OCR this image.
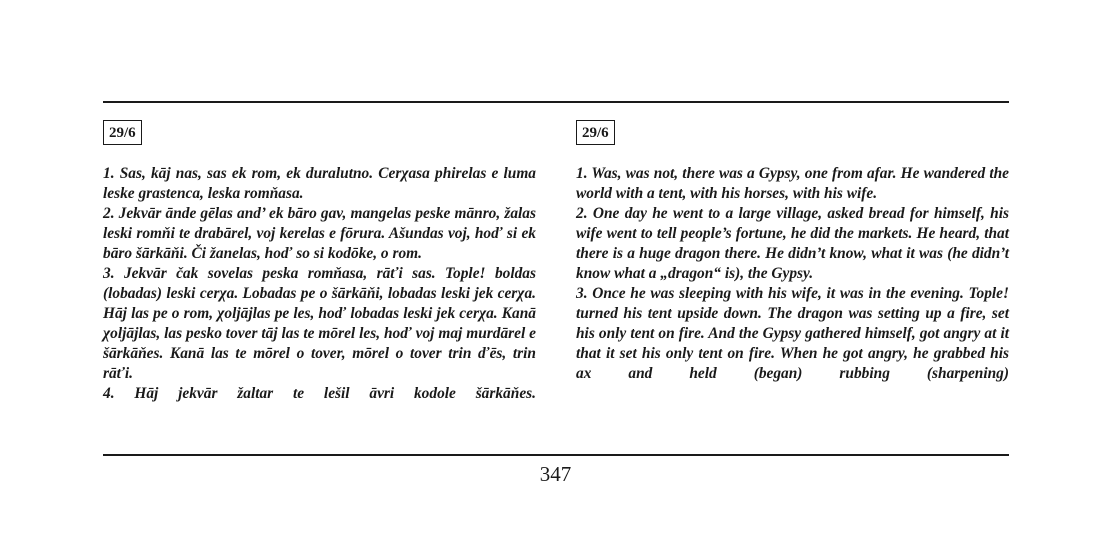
29/6

1. Sas, kāj nas, sas ek rom, ek duralutno. Cerχasa phirelas e luma leske grastenca, leska romňasa.

2. Jekvār ānde gēlas and’ ek bāro gav, mangelas peske mānro, žalas leski romňi te drabārel, voj kerelas e fōrura. Ašundas voj, hoď si ek bāro šārkāňi. Či žanelas, hoď so si kodōke, o rom.

3. Jekvār čak sovelas peska romňasa, rāťi sas. Tople! boldas (lobadas) leski cerχa. Lobadas pe o šārkāňi, lobadas leski jek cerχa. Hāj las pe o rom, χoljājlas pe les, hoď lobadas leski jek cerχa. Kanā χoljājlas, las pesko tover tāj las te mōrel les, hoď voj maj murdārel e šārkāňes. Kanā las te mōrel o tover, mōrel o tover trin ďēs, trin rāťi.

4. Hāj jekvār žaltar te lešil āvri kodole šārkāňes.

29/6

1. Was, was not, there was a Gypsy, one from afar. He wandered the world with a tent, with his horses, with his wife.

2. One day he went to a large village, asked bread for himself, his wife went to tell people’s fortune, he did the markets. He heard, that there is a huge dragon there. He didn’t know, what it was (he didn’t know what a „dragon“ is), the Gypsy.

3. Once he was sleeping with his wife, it was in the evening. Tople! turned his tent upside down. The dragon was setting up a fire, set his only tent on fire. And the Gypsy gathered himself, got angry at it that it set his only tent on fire. When he got angry, he grabbed his ax and held (began) rubbing (sharpening)

347
